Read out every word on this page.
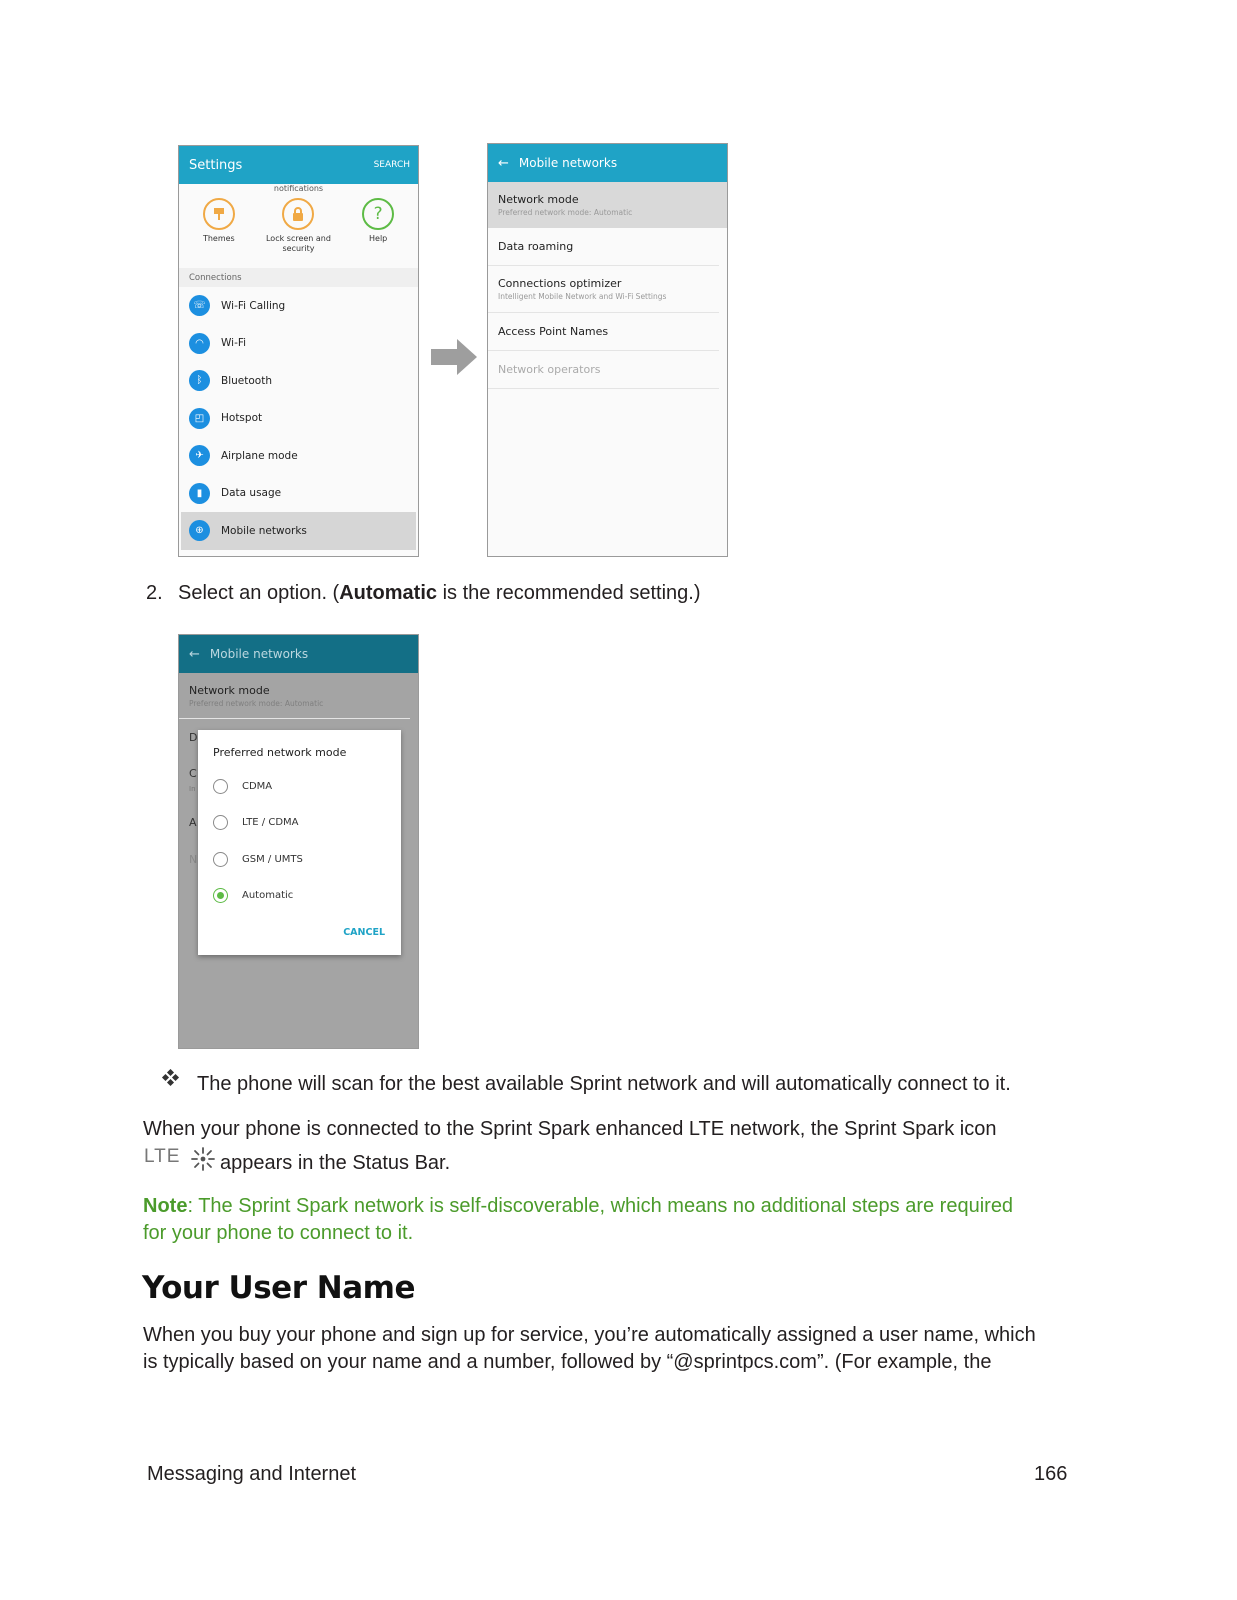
Settings	SEARCH
notifications
Themes	Lock screen and security
?
Help
Connections
☏	Wi-Fi Calling
◠	Wi-Fi
ᛒ	Bluetooth
◰	Hotspot
✈	Airplane mode
▮	Data usage
⊕	Mobile networks
← Mobile networks
Network mode
Preferred network mode: Automatic
Data roaming
Connections optimizer
Intelligent Mobile Network and Wi-Fi Settings
Access Point Names
Network operators
2. Select an option. (Automatic is the recommended setting.)
← Mobile networks
Network mode
Preferred network mode: Automatic
D
C
In
A
N
Preferred network mode
CDMA
LTE / CDMA
GSM / UMTS
Automatic
CANCEL
The phone will scan for the best available Sprint network and will automatically connect to it.
When your phone is connected to the Sprint Spark enhanced LTE network, the Sprint Spark icon
LTE appears in the Status Bar.
Note: The Sprint Spark network is self-discoverable, which means no additional steps are required
for your phone to connect to it.
Your User Name
When you buy your phone and sign up for service, you’re automatically assigned a user name, which
is typically based on your name and a number, followed by “@sprintpcs.com”. (For example, the
Messaging and Internet	166
